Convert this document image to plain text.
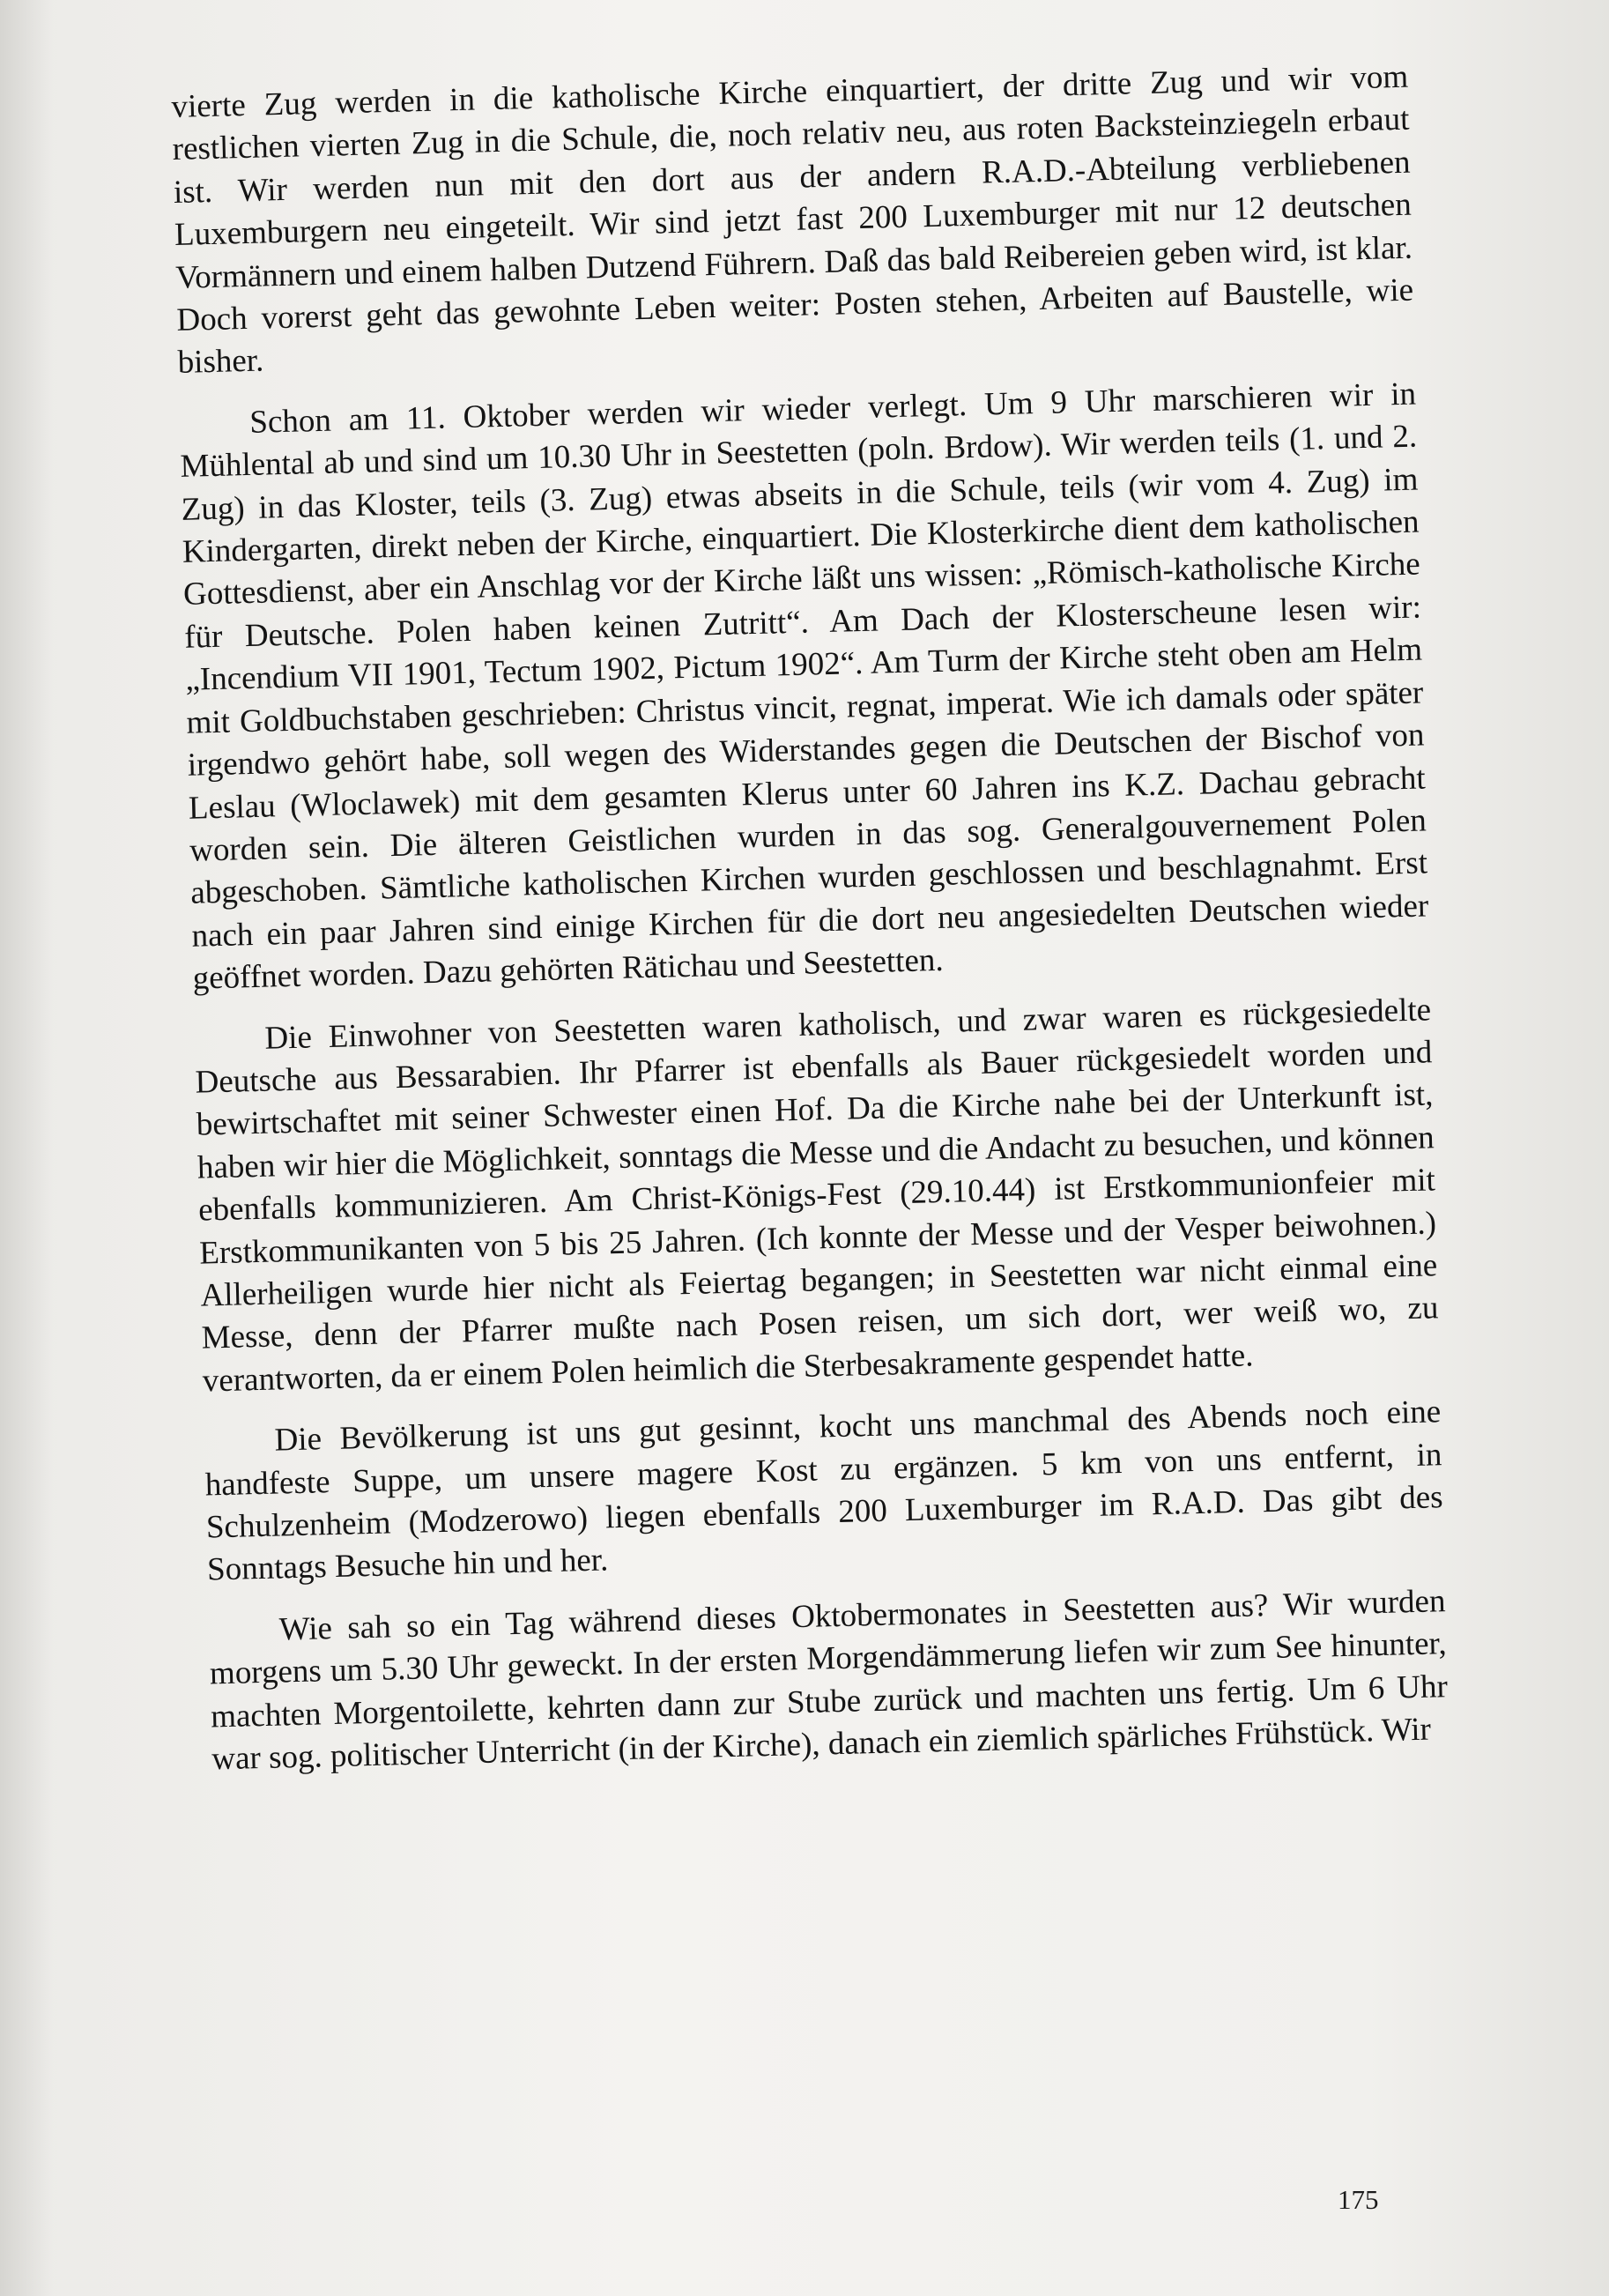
vierte Zug werden in die katholische Kirche einquartiert, der dritte Zug und wir vom restlichen vierten Zug in die Schule, die, noch relativ neu, aus roten Backsteinziegeln erbaut ist. Wir werden nun mit den dort aus der andern R.A.D.-Abteilung verbliebenen Luxemburgern neu eingeteilt. Wir sind jetzt fast 200 Luxemburger mit nur 12 deutschen Vormännern und einem halben Dutzend Führern. Daß das bald Reibereien geben wird, ist klar. Doch vorerst geht das gewohnte Leben weiter: Posten stehen, Arbeiten auf Baustelle, wie bisher.

Schon am 11. Oktober werden wir wieder verlegt. Um 9 Uhr marschieren wir in Mühlental ab und sind um 10.30 Uhr in Seestetten (poln. Brdow). Wir werden teils (1. und 2. Zug) in das Kloster, teils (3. Zug) etwas abseits in die Schule, teils (wir vom 4. Zug) im Kindergarten, direkt neben der Kirche, einquartiert. Die Klosterkirche dient dem katholischen Gottesdienst, aber ein Anschlag vor der Kirche läßt uns wissen: „Römisch-katholische Kirche für Deutsche. Polen haben keinen Zutritt“. Am Dach der Klosterscheune lesen wir: „Incendium VII 1901, Tectum 1902, Pictum 1902“. Am Turm der Kirche steht oben am Helm mit Goldbuchstaben geschrieben: Christus vincit, regnat, imperat. Wie ich damals oder später irgendwo gehört habe, soll wegen des Widerstandes gegen die Deutschen der Bischof von Leslau (Wloclawek) mit dem gesamten Klerus unter 60 Jahren ins K.Z. Dachau gebracht worden sein. Die älteren Geistlichen wurden in das sog. Generalgouvernement Polen abgeschoben. Sämtliche katholischen Kirchen wurden geschlossen und beschlagnahmt. Erst nach ein paar Jahren sind einige Kirchen für die dort neu angesiedelten Deutschen wieder geöffnet worden. Dazu gehörten Rätichau und Seestetten.

Die Einwohner von Seestetten waren katholisch, und zwar waren es rückgesiedelte Deutsche aus Bessarabien. Ihr Pfarrer ist ebenfalls als Bauer rückgesiedelt worden und bewirtschaftet mit seiner Schwester einen Hof. Da die Kirche nahe bei der Unterkunft ist, haben wir hier die Möglichkeit, sonntags die Messe und die Andacht zu besuchen, und können ebenfalls kommunizieren. Am Christ-Königs-Fest (29.10.44) ist Erstkommunionfeier mit Erstkommunikanten von 5 bis 25 Jahren. (Ich konnte der Messe und der Vesper beiwohnen.) Allerheiligen wurde hier nicht als Feiertag begangen; in Seestetten war nicht einmal eine Messe, denn der Pfarrer mußte nach Posen reisen, um sich dort, wer weiß wo, zu verantworten, da er einem Polen heimlich die Sterbesakramente gespendet hatte.

Die Bevölkerung ist uns gut gesinnt, kocht uns manchmal des Abends noch eine handfeste Suppe, um unsere magere Kost zu ergänzen. 5 km von uns entfernt, in Schulzenheim (Modzerowo) liegen ebenfalls 200 Luxemburger im R.A.D. Das gibt des Sonntags Besuche hin und her.

Wie sah so ein Tag während dieses Oktobermonates in Seestetten aus? Wir wurden morgens um 5.30 Uhr geweckt. In der ersten Morgendämmerung liefen wir zum See hinunter, machten Morgentoilette, kehrten dann zur Stube zurück und machten uns fertig. Um 6 Uhr war sog. politischer Unterricht (in der Kirche), danach ein ziemlich spärliches Frühstück. Wir

175
